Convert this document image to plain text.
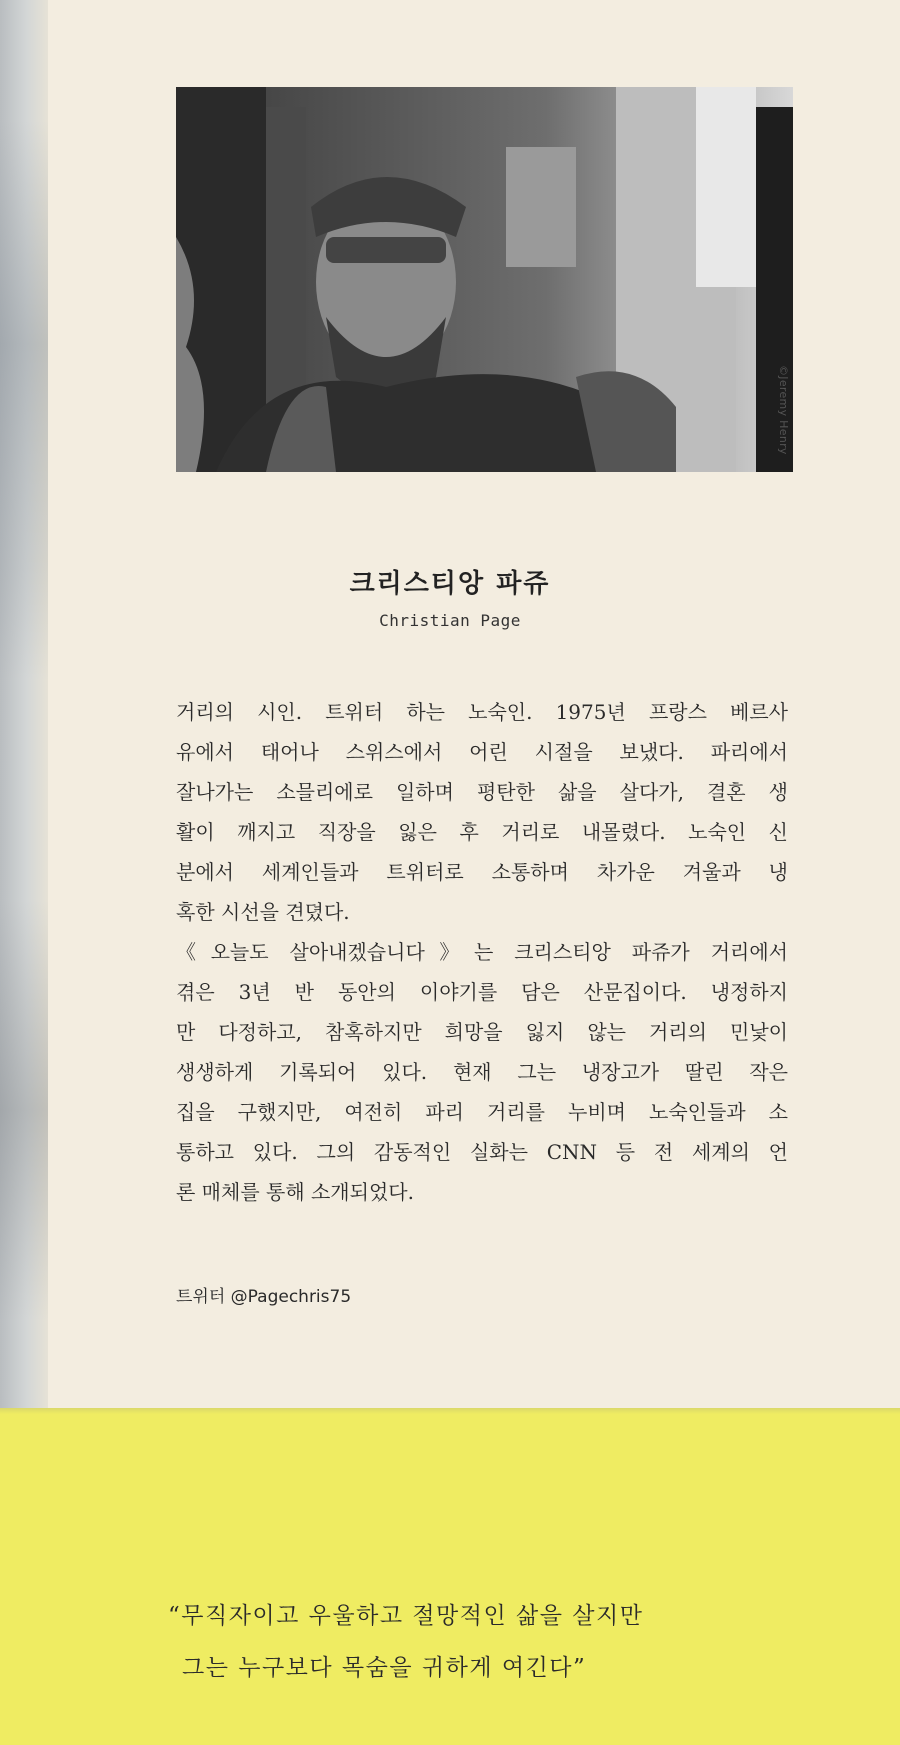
©Jeremy Henry
크리스티앙 파쥬
Christian Page
거리의 시인. 트위터 하는 노숙인. 1975년 프랑스 베르사
유에서 태어나 스위스에서 어린 시절을 보냈다. 파리에서
잘나가는 소믈리에로 일하며 평탄한 삶을 살다가, 결혼 생
활이 깨지고 직장을 잃은 후 거리로 내몰렸다. 노숙인 신
분에서 세계인들과 트위터로 소통하며 차가운 겨울과 냉
혹한 시선을 견뎠다.
《오늘도 살아내겠습니다》는 크리스티앙 파쥬가 거리에서
겪은 3년 반 동안의 이야기를 담은 산문집이다. 냉정하지
만 다정하고, 참혹하지만 희망을 잃지 않는 거리의 민낯이
생생하게 기록되어 있다. 현재 그는 냉장고가 딸린 작은
집을 구했지만, 여전히 파리 거리를 누비며 노숙인들과 소
통하고 있다. 그의 감동적인 실화는 CNN 등 전 세계의 언
론 매체를 통해 소개되었다.
트위터 @Pagechris75
“무직자이고 우울하고 절망적인 삶을 살지만
그는 누구보다 목숨을 귀하게 여긴다”
